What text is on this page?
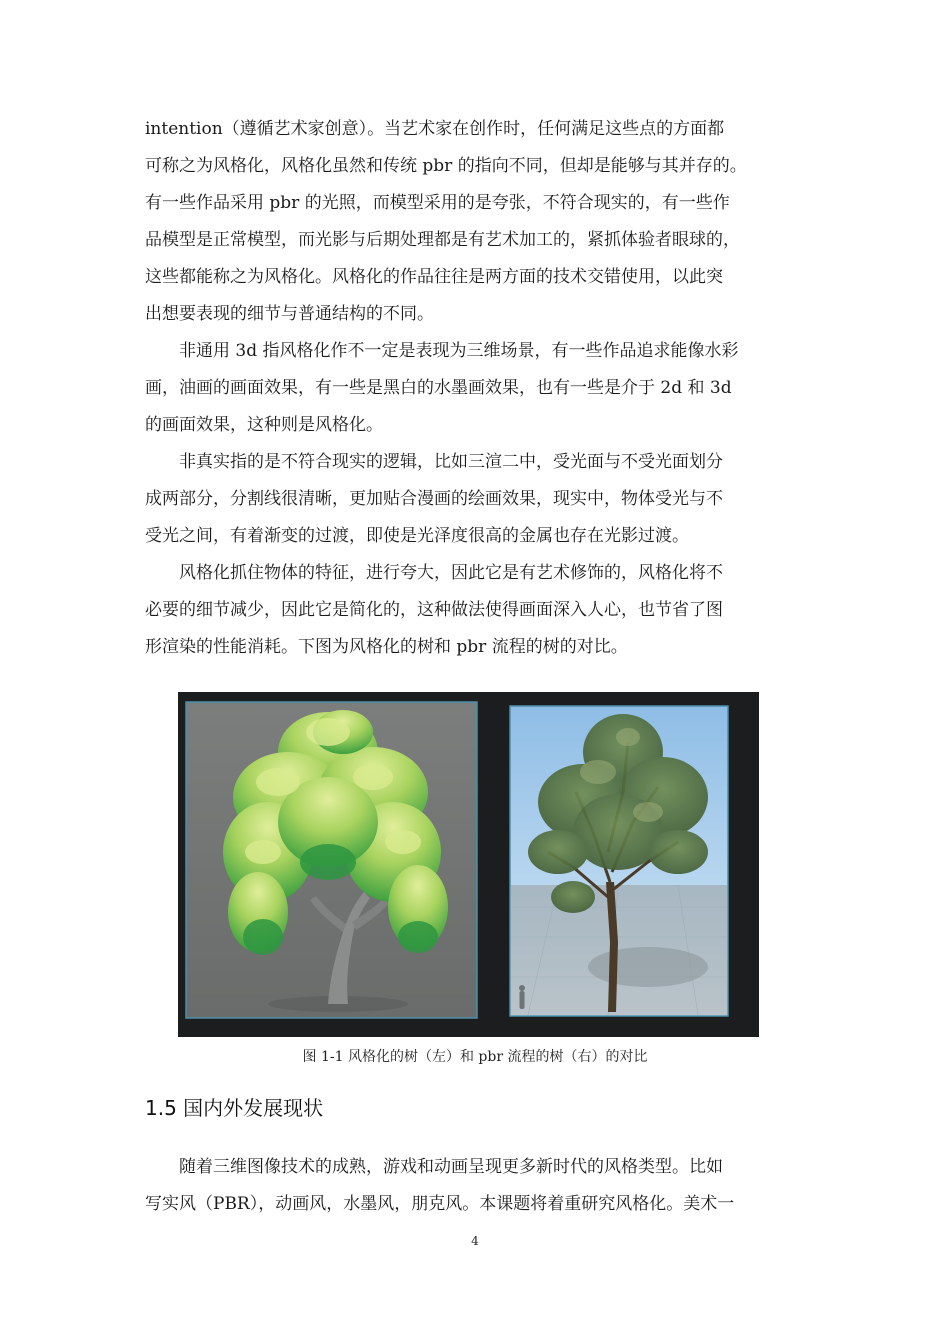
intention（遵循艺术家创意）。当艺术家在创作时，任何满足这些点的方面都
可称之为风格化，风格化虽然和传统 pbr 的指向不同，但却是能够与其并存的。
有一些作品采用 pbr 的光照，而模型采用的是夸张，不符合现实的，有一些作
品模型是正常模型，而光影与后期处理都是有艺术加工的，紧抓体验者眼球的，
这些都能称之为风格化。风格化的作品往往是两方面的技术交错使用，以此突
出想要表现的细节与普通结构的不同。

　　非通用 3d 指风格化作不一定是表现为三维场景，有一些作品追求能像水彩
画，油画的画面效果，有一些是黑白的水墨画效果，也有一些是介于 2d 和 3d
的画面效果，这种则是风格化。

　　非真实指的是不符合现实的逻辑，比如三渲二中，受光面与不受光面划分
成两部分，分割线很清晰，更加贴合漫画的绘画效果，现实中，物体受光与不
受光之间，有着渐变的过渡，即使是光泽度很高的金属也存在光影过渡。

　　风格化抓住物体的特征，进行夸大，因此它是有艺术修饰的，风格化将不
必要的细节减少，因此它是简化的，这种做法使得画面深入人心，也节省了图
形渲染的性能消耗。下图为风格化的树和 pbr 流程的树的对比。

图 1-1 风格化的树（左）和 pbr 流程的树（右）的对比
1.5 国内外发展现状

　　随着三维图像技术的成熟，游戏和动画呈现更多新时代的风格类型。比如
写实风（PBR），动画风，水墨风，朋克风。本课题将着重研究风格化。美术一

4
